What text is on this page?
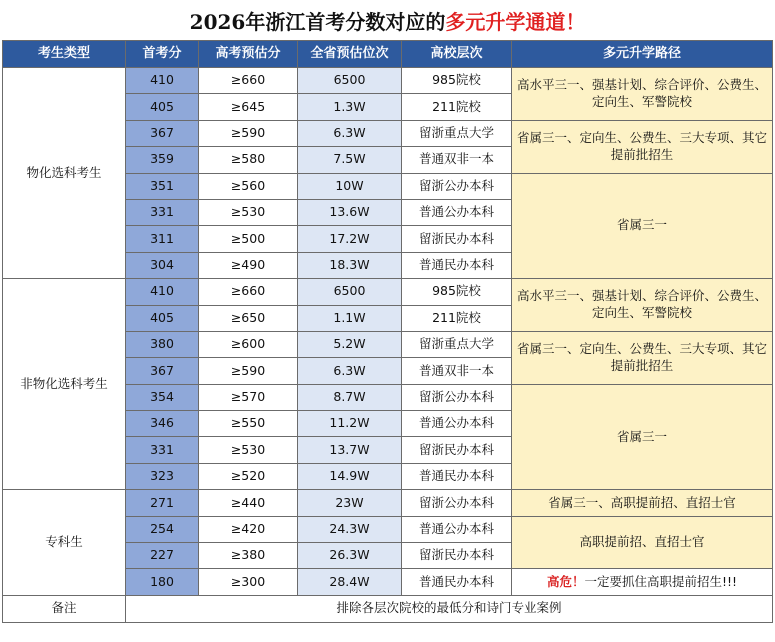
2026年浙江首考分数对应的 多元升学通道！
考生类型	首考分	高考预估分	全省预估位次	高校层次	多元升学路径
物化选科考生	410	≥660	6500	985院校	高水平三一、强基计划、综合评价、公费生、定向生、军警院校
	405	≥645	1.3W	211院校	
	367	≥590	6.3W	留浙重点大学	省属三一、定向生、公费生、三大专项、其它提前批招生
	359	≥580	7.5W	普通双非一本	
	351	≥560	10W	留浙公办本科	省属三一
	331	≥530	13.6W	普通公办本科	
	311	≥500	17.2W	留浙民办本科	
	304	≥490	18.3W	普通民办本科	
非物化选科考生	410	≥660	6500	985院校	高水平三一、强基计划、综合评价、公费生、定向生、军警院校
	405	≥650	1.1W	211院校	
	380	≥600	5.2W	留浙重点大学	省属三一、定向生、公费生、三大专项、其它提前批招生
	367	≥590	6.3W	普通双非一本	
	354	≥570	8.7W	留浙公办本科	省属三一
	346	≥550	11.2W	普通公办本科	
	331	≥530	13.7W	留浙民办本科	
	323	≥520	14.9W	普通民办本科	
专科生	271	≥440	23W	留浙公办本科	省属三一、高职提前招、直招士官
	254	≥420	24.3W	普通公办本科	高职提前招、直招士官
	227	≥380	26.3W	留浙民办本科	
	180	≥300	28.4W	普通民办本科	高危！一定要抓住高职提前招生!!!
备注	排除各层次院校的最低分和诗门专业案例				
